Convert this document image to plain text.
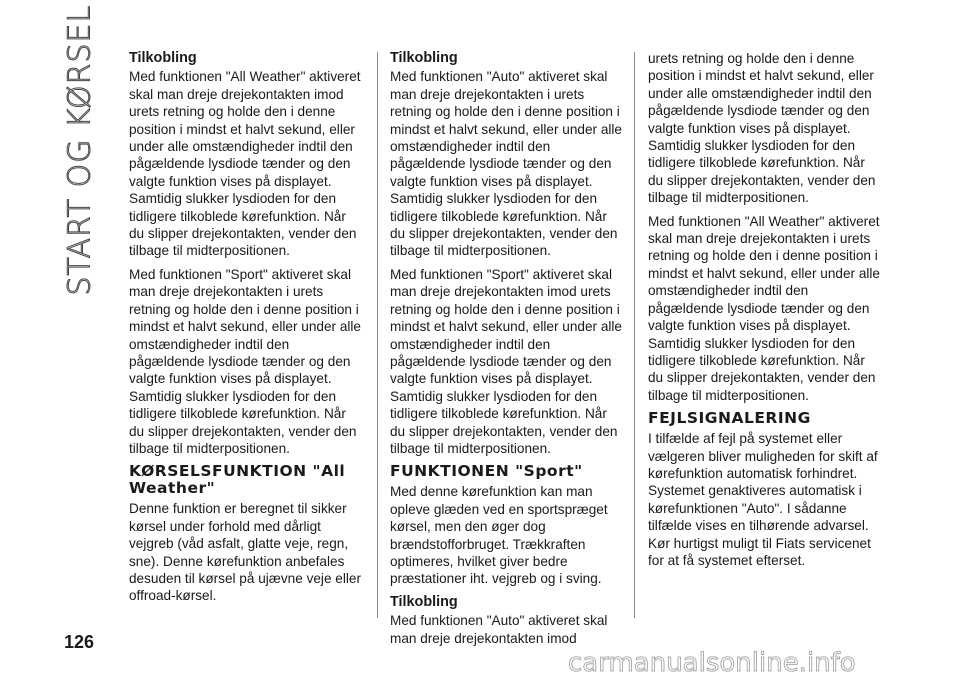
START OG KØRSEL Tilkobling
Med funktionen "All Weather" aktiveret skal man dreje drejekontakten imod urets retning og holde den i denne position i mindst et halvt sekund, eller under alle omstændigheder indtil den pågældende lysdiode tænder og den valgte funktion vises på displayet. Samtidig slukker lysdioden for den tidligere tilkoblede kørefunktion. Når du slipper drejekontakten, vender den tilbage til midterpositionen.
Med funktionen "Sport" aktiveret skal man dreje drejekontakten i urets retning og holde den i denne position i mindst et halvt sekund, eller under alle omstændigheder indtil den pågældende lysdiode tænder og den valgte funktion vises på displayet. Samtidig slukker lysdioden for den tidligere tilkoblede kørefunktion. Når du slipper drejekontakten, vender den tilbage til midterpositionen.
KØRSELSFUNKTION "All Weather"
Denne funktion er beregnet til sikker kørsel under forhold med dårligt vejgreb (våd asfalt, glatte veje, regn, sne). Denne kørefunktion anbefales desuden til kørsel på ujævne veje eller offroad-kørsel.
Tilkobling
Med funktionen "Auto" aktiveret skal man dreje drejekontakten i urets retning og holde den i denne position i mindst et halvt sekund, eller under alle omstændigheder indtil den pågældende lysdiode tænder og den valgte funktion vises på displayet. Samtidig slukker lysdioden for den tidligere tilkoblede kørefunktion. Når du slipper drejekontakten, vender den tilbage til midterpositionen.
Med funktionen "Sport" aktiveret skal man dreje drejekontakten imod urets retning og holde den i denne position i mindst et halvt sekund, eller under alle omstændigheder indtil den pågældende lysdiode tænder og den valgte funktion vises på displayet. Samtidig slukker lysdioden for den tidligere tilkoblede kørefunktion. Når du slipper drejekontakten, vender den tilbage til midterpositionen.
FUNKTIONEN "Sport"
Med denne kørefunktion kan man opleve glæden ved en sportspræget kørsel, men den øger dog brændstofforbruget. Trækkraften optimeres, hvilket giver bedre præstationer iht. vejgreb og i sving.
Tilkobling
Med funktionen "Auto" aktiveret skal man dreje drejekontakten imod
urets retning og holde den i denne position i mindst et halvt sekund, eller under alle omstændigheder indtil den pågældende lysdiode tænder og den valgte funktion vises på displayet. Samtidig slukker lysdioden for den tidligere tilkoblede kørefunktion. Når du slipper drejekontakten, vender den tilbage til midterpositionen.
Med funktionen "All Weather" aktiveret skal man dreje drejekontakten i urets retning og holde den i denne position i mindst et halvt sekund, eller under alle omstændigheder indtil den pågældende lysdiode tænder og den valgte funktion vises på displayet. Samtidig slukker lysdioden for den tidligere tilkoblede kørefunktion. Når du slipper drejekontakten, vender den tilbage til midterpositionen.
FEJLSIGNALERING
I tilfælde af fejl på systemet eller vælgeren bliver muligheden for skift af kørefunktion automatisk forhindret. Systemet genaktiveres automatisk i kørefunktionen "Auto". I sådanne tilfælde vises en tilhørende advarsel. Kør hurtigst muligt til Fiats servicenet for at få systemet efterset.
126
carmanualsonline.info
